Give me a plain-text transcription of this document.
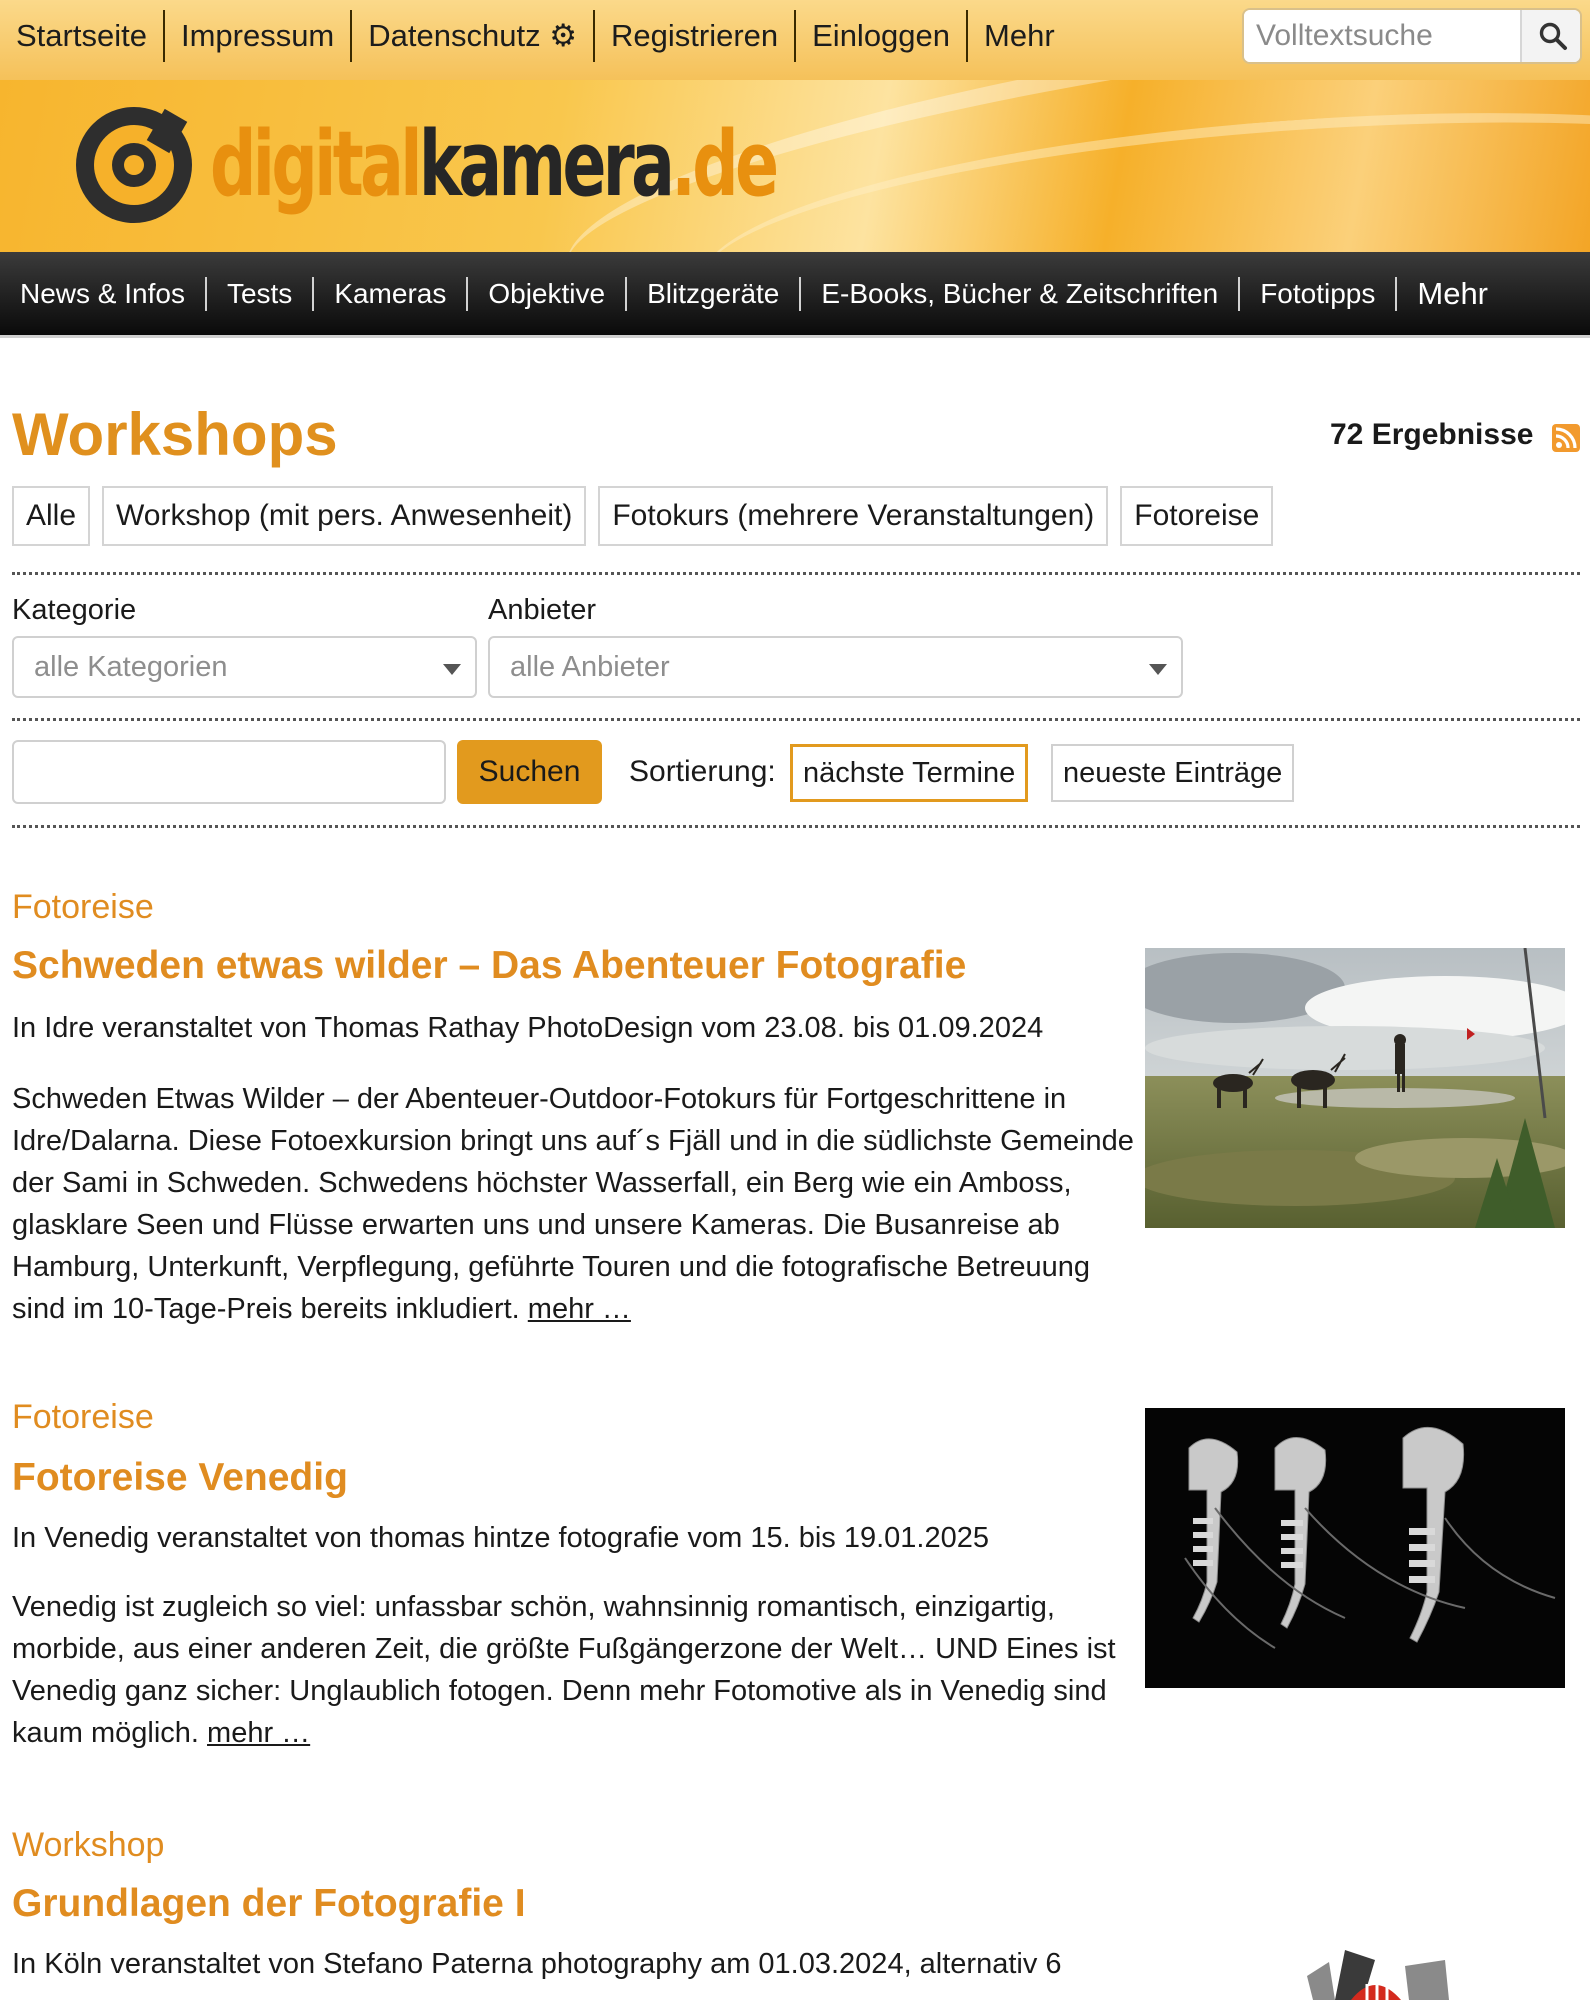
Startseite	Impressum	Datenschutz ⚙	Registrieren	Einloggen	Mehr
Volltextsuche
digitalkamera.de
News & Infos	Tests	Kameras	Objektive	Blitzgeräte	E-Books, Bücher & Zeitschriften	Fototipps	Mehr
Workshops	72 Ergebnisse
Alle	Workshop (mit pers. Anwesenheit)	Fotokurs (mehrere Veranstaltungen)	Fotoreise
Kategorie
alle Kategorien
Anbieter
alle Anbieter
Suchen	Sortierung: nächste Termine	neueste Einträge
Fotoreise
Schweden etwas wilder – Das Abenteuer Fotografie
In Idre veranstaltet von Thomas Rathay PhotoDesign vom 23.08. bis 01.09.2024
Schweden Etwas Wilder – der Abenteuer-Outdoor-Fotokurs für Fortgeschrittene in Idre/Dalarna. Diese Fotoexkursion bringt uns auf´s Fjäll und in die südlichste Gemeinde der Sami in Schweden. Schwedens höchster Wasserfall, ein Berg wie ein Amboss, glasklare Seen und Flüsse erwarten uns und unsere Kameras. Die Busanreise ab Hamburg, Unterkunft, Verpflegung, geführte Touren und die fotografische Betreuung sind im 10-Tage-Preis bereits inkludiert. mehr …
Fotoreise
Fotoreise Venedig
In Venedig veranstaltet von thomas hintze fotografie vom 15. bis 19.01.2025
Venedig ist zugleich so viel: unfassbar schön, wahnsinnig romantisch, einzigartig, morbide, aus einer anderen Zeit, die größte Fußgängerzone der Welt… UND Eines ist Venedig ganz sicher: Unglaublich fotogen. Denn mehr Fotomotive als in Venedig sind kaum möglich. mehr …
Workshop
Grundlagen der Fotografie I
In Köln veranstaltet von Stefano Paterna photography am 01.03.2024, alternativ 6
